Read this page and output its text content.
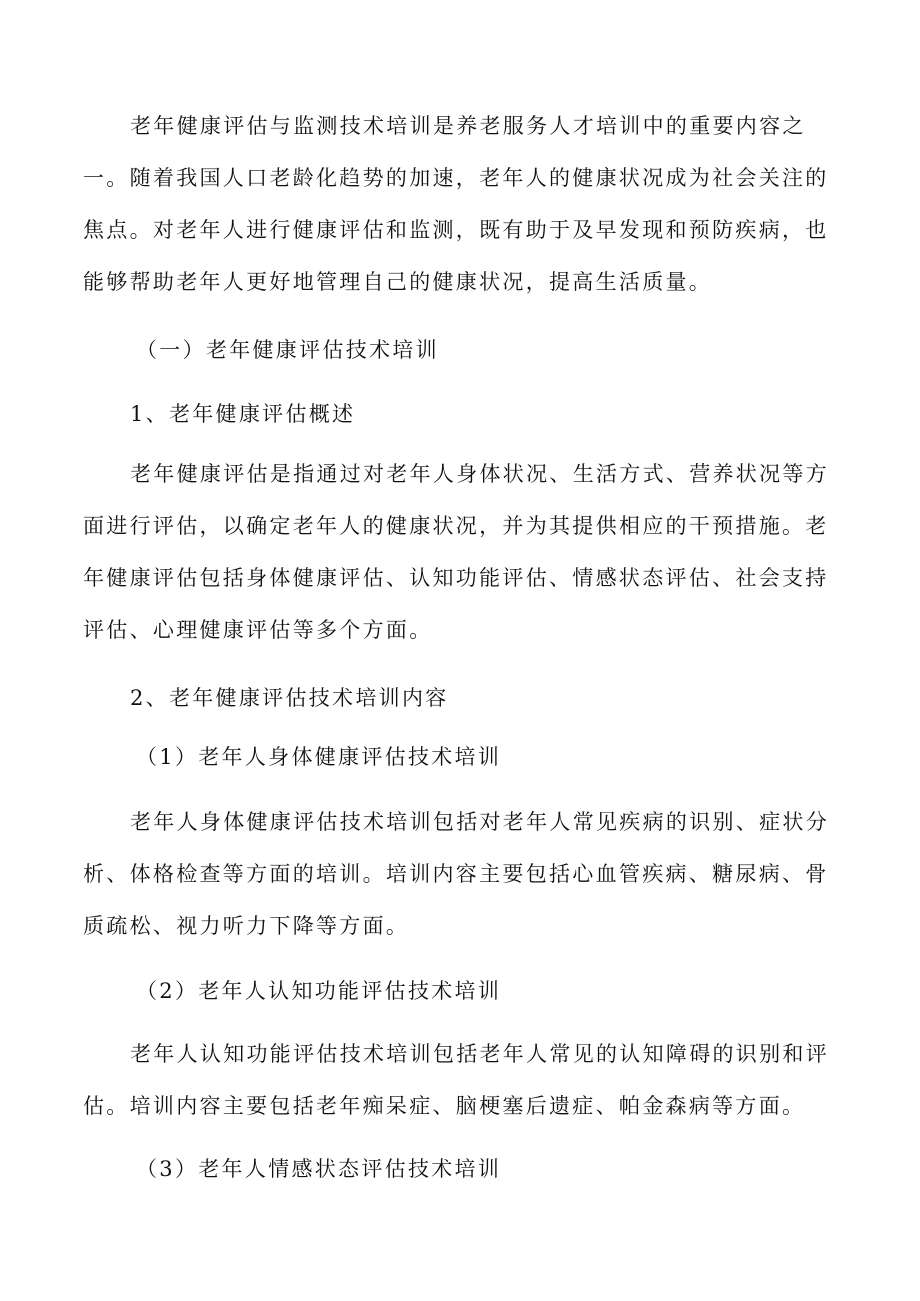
老年健康评估与监测技术培训是养老服务人才培训中的重要内容之一。随着我国人口老龄化趋势的加速，老年人的健康状况成为社会关注的焦点。对老年人进行健康评估和监测，既有助于及早发现和预防疾病，也能够帮助老年人更好地管理自己的健康状况，提高生活质量。

（一）老年健康评估技术培训

1、老年健康评估概述

老年健康评估是指通过对老年人身体状况、生活方式、营养状况等方面进行评估，以确定老年人的健康状况，并为其提供相应的干预措施。老年健康评估包括身体健康评估、认知功能评估、情感状态评估、社会支持评估、心理健康评估等多个方面。

2、老年健康评估技术培训内容

（1）老年人身体健康评估技术培训

老年人身体健康评估技术培训包括对老年人常见疾病的识别、症状分析、体格检查等方面的培训。培训内容主要包括心血管疾病、糖尿病、骨质疏松、视力听力下降等方面。

（2）老年人认知功能评估技术培训

老年人认知功能评估技术培训包括老年人常见的认知障碍的识别和评估。培训内容主要包括老年痴呆症、脑梗塞后遗症、帕金森病等方面。

（3）老年人情感状态评估技术培训
